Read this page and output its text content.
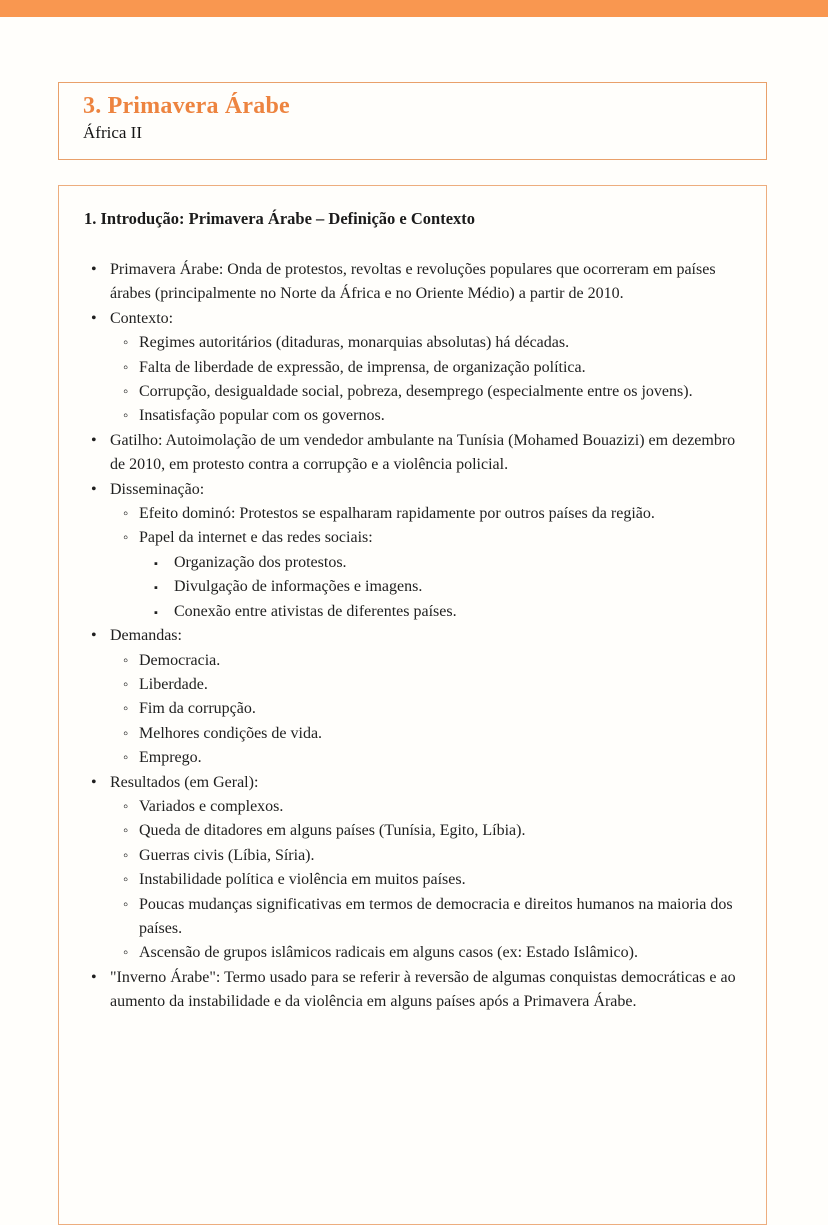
3. Primavera Árabe
África II
1. Introdução: Primavera Árabe – Definição e Contexto
• Primavera Árabe: Onda de protestos, revoltas e revoluções populares que ocorreram em países árabes (principalmente no Norte da África e no Oriente Médio) a partir de 2010.
• Contexto:
◦ Regimes autoritários (ditaduras, monarquias absolutas) há décadas.
◦ Falta de liberdade de expressão, de imprensa, de organização política.
◦ Corrupção, desigualdade social, pobreza, desemprego (especialmente entre os jovens).
◦ Insatisfação popular com os governos.
• Gatilho: Autoimolação de um vendedor ambulante na Tunísia (Mohamed Bouazizi) em dezembro de 2010, em protesto contra a corrupção e a violência policial.
• Disseminação:
◦ Efeito dominó: Protestos se espalharam rapidamente por outros países da região.
◦ Papel da internet e das redes sociais:
▪ Organização dos protestos.
▪ Divulgação de informações e imagens.
▪ Conexão entre ativistas de diferentes países.
• Demandas:
◦ Democracia.
◦ Liberdade.
◦ Fim da corrupção.
◦ Melhores condições de vida.
◦ Emprego.
• Resultados (em Geral):
◦ Variados e complexos.
◦ Queda de ditadores em alguns países (Tunísia, Egito, Líbia).
◦ Guerras civis (Líbia, Síria).
◦ Instabilidade política e violência em muitos países.
◦ Poucas mudanças significativas em termos de democracia e direitos humanos na maioria dos países.
◦ Ascensão de grupos islâmicos radicais em alguns casos (ex: Estado Islâmico).
• "Inverno Árabe": Termo usado para se referir à reversão de algumas conquistas democráticas e ao aumento da instabilidade e da violência em alguns países após a Primavera Árabe.
